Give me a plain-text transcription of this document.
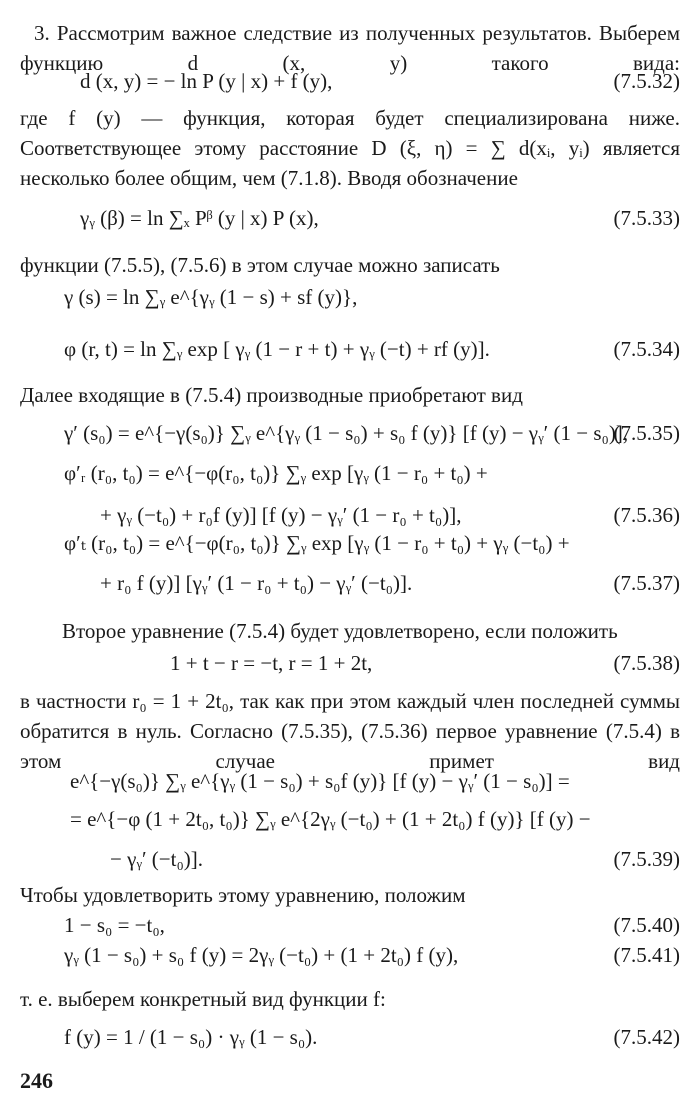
3. Рассмотрим важное следствие из полученных результатов. Выберем функцию d (x, y) такого вида:
d (x, y) = − ln P (y | x) + f (y),	(7.5.32)
где f (y) — функция, которая будет специализирована ниже. Соответствующее этому расстояние D (ξ, η) = ∑ d(xᵢ, yᵢ) является
несколько более общим, чем (7.1.8). Вводя обозначение
γᵧ (β) = ln ∑ₓ Pᵝ (y | x) P (x),	(7.5.33)
функции (7.5.5), (7.5.6) в этом случае можно записать
γ (s) = ln ∑ᵧ e^{γᵧ (1 − s) + sf (y)},
φ (r, t) = ln ∑ᵧ exp [ γᵧ (1 − r + t) + γᵧ (−t) + rf (y)].	(7.5.34)
Далее входящие в (7.5.4) производные приобретают вид
γ′ (s₀) = e^{−γ(s₀)} ∑ᵧ e^{γᵧ (1 − s₀) + s₀ f (y)} [f (y) − γᵧ′ (1 − s₀)],
(7.5.35)
φ′ᵣ (r₀, t₀) = e^{−φ(r₀, t₀)} ∑ᵧ exp [γᵧ (1 − r₀ + t₀) +
+ γᵧ (−t₀) + r₀f (y)] [f (y) − γᵧ′ (1 − r₀ + t₀)],	(7.5.36)
φ′ₜ (r₀, t₀) = e^{−φ(r₀, t₀)} ∑ᵧ exp [γᵧ (1 − r₀ + t₀) + γᵧ (−t₀) +
+ r₀ f (y)] [γᵧ′ (1 − r₀ + t₀) − γᵧ′ (−t₀)].	(7.5.37)
Второе уравнение (7.5.4) будет удовлетворено, если положить
1 + t − r = −t, r = 1 + 2t,	(7.5.38)
в частности r₀ = 1 + 2t₀, так как при этом каждый член последней суммы обратится в нуль. Согласно (7.5.35), (7.5.36) первое уравнение (7.5.4) в этом случае примет вид
e^{−γ(s₀)} ∑ᵧ e^{γᵧ (1 − s₀) + s₀f (y)} [f (y) − γᵧ′ (1 − s₀)] =
= e^{−φ (1 + 2t₀, t₀)} ∑ᵧ e^{2γᵧ (−t₀) + (1 + 2t₀) f (y)} [f (y) −
− γᵧ′ (−t₀)].	(7.5.39)
Чтобы удовлетворить этому уравнению, положим
1 − s₀ = −t₀,	(7.5.40)
γᵧ (1 − s₀) + s₀ f (y) = 2γᵧ (−t₀) + (1 + 2t₀) f (y),	(7.5.41)
т. е. выберем конкретный вид функции f:
f (y) = 1 / (1 − s₀) · γᵧ (1 − s₀).	(7.5.42)
246
